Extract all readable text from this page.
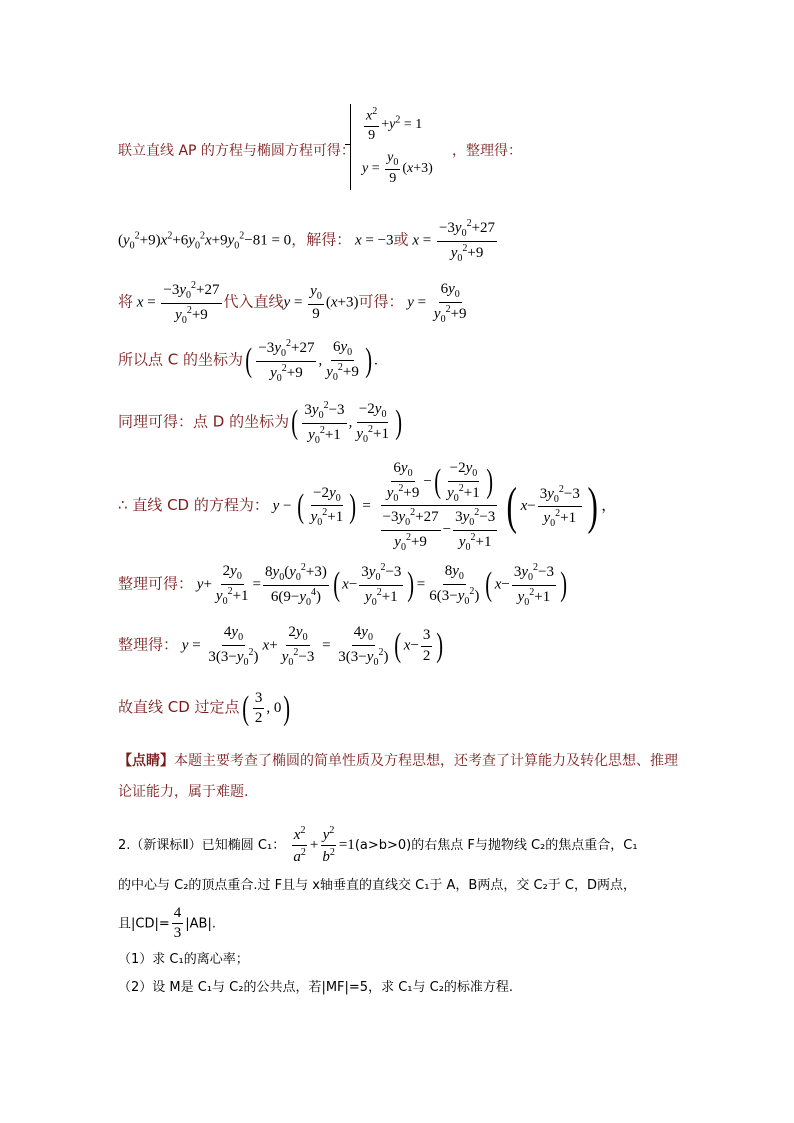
联立直线 AP 的方程与椭圆方程可得：
$\frac{x^2}{9} +y^2 = 1$
$y = \frac{y_0}{9} (x+3)$
，整理得：
$(y_0^2+9)x^2+6y_0^2x+9y_0^2-81 = 0$，解得： x = −3或 $x = \frac{-3y_0^2+27}{y_0^2+9}$
将 $x = \frac{-3y_0^2+27}{y_0^2+9}$ 代入直线$y = \frac{y_0}{9} (x+3)$可得： $y = \frac{6y_0}{y_0^2+9}$
所以点 C 的坐标为( $\frac{-3y_0^2+27}{y_0^2+9}$ , $\frac{6y_0}{y_0^2+9}$ ) .
同理可得：点 D 的坐标为( $\frac{3y_0^2-3}{y_0^2+1}$ , $\frac{-2y_0}{y_0^2+1}$ )
∴ 直线 CD 的方程为： y − ( $\frac{-2y_0}{y_0^2+1}$ ) = $\frac{\frac{6y_0}{y_0^2+9} -( \frac{-2y_0}{y_0^2+1} )}{\frac{-3y_0^2+27}{y_0^2+9} - \frac{3y_0^2-3}{y_0^2+1}}$ ( $x- \frac{3y_0^2-3}{y_0^2+1}$ ) ，
整理可得： $y+ \frac{2y_0}{y_0^2+1} = \frac{8y_0(y_0^2+3)}{6(9-y_0^4)}$ ( $x- \frac{3y_0^2-3}{y_0^2+1}$ ) = $\frac{8y_0}{6(3-y_0^2)}$ ( $x- \frac{3y_0^2-3}{y_0^2+1}$ )
整理得： $y = \frac{4y_0}{3(3-y_0^2)} x+ \frac{2y_0}{y_0^2-3} = \frac{4y_0}{3(3-y_0^2)}$ ( $x- \frac{3}{2}$ )
故直线 CD 过定点( $\frac{3}{2}$ , 0)
【点睛】本题主要考查了椭圆的简单性质及方程思想，还考查了计算能力及转化思想、推理
论证能力，属于难题.
2.（新课标Ⅱ）已知椭圆 C₁： $\frac{x^2}{a^2} + \frac{y^2}{b^2} =1(a>b>0)$的右焦点 F与抛物线 C₂的焦点重合，C₁
的中心与 C₂的顶点重合.过 F且与 x轴垂直的直线交 C₁于 A，B两点，交 C₂于 C，D两点，
且$|CD|= \frac{4}{3} |AB|$.
（1）求 C₁的离心率；
（2）设 M是 C₁与 C₂的公共点，若|MF|=5，求 C₁与 C₂的标准方程.
